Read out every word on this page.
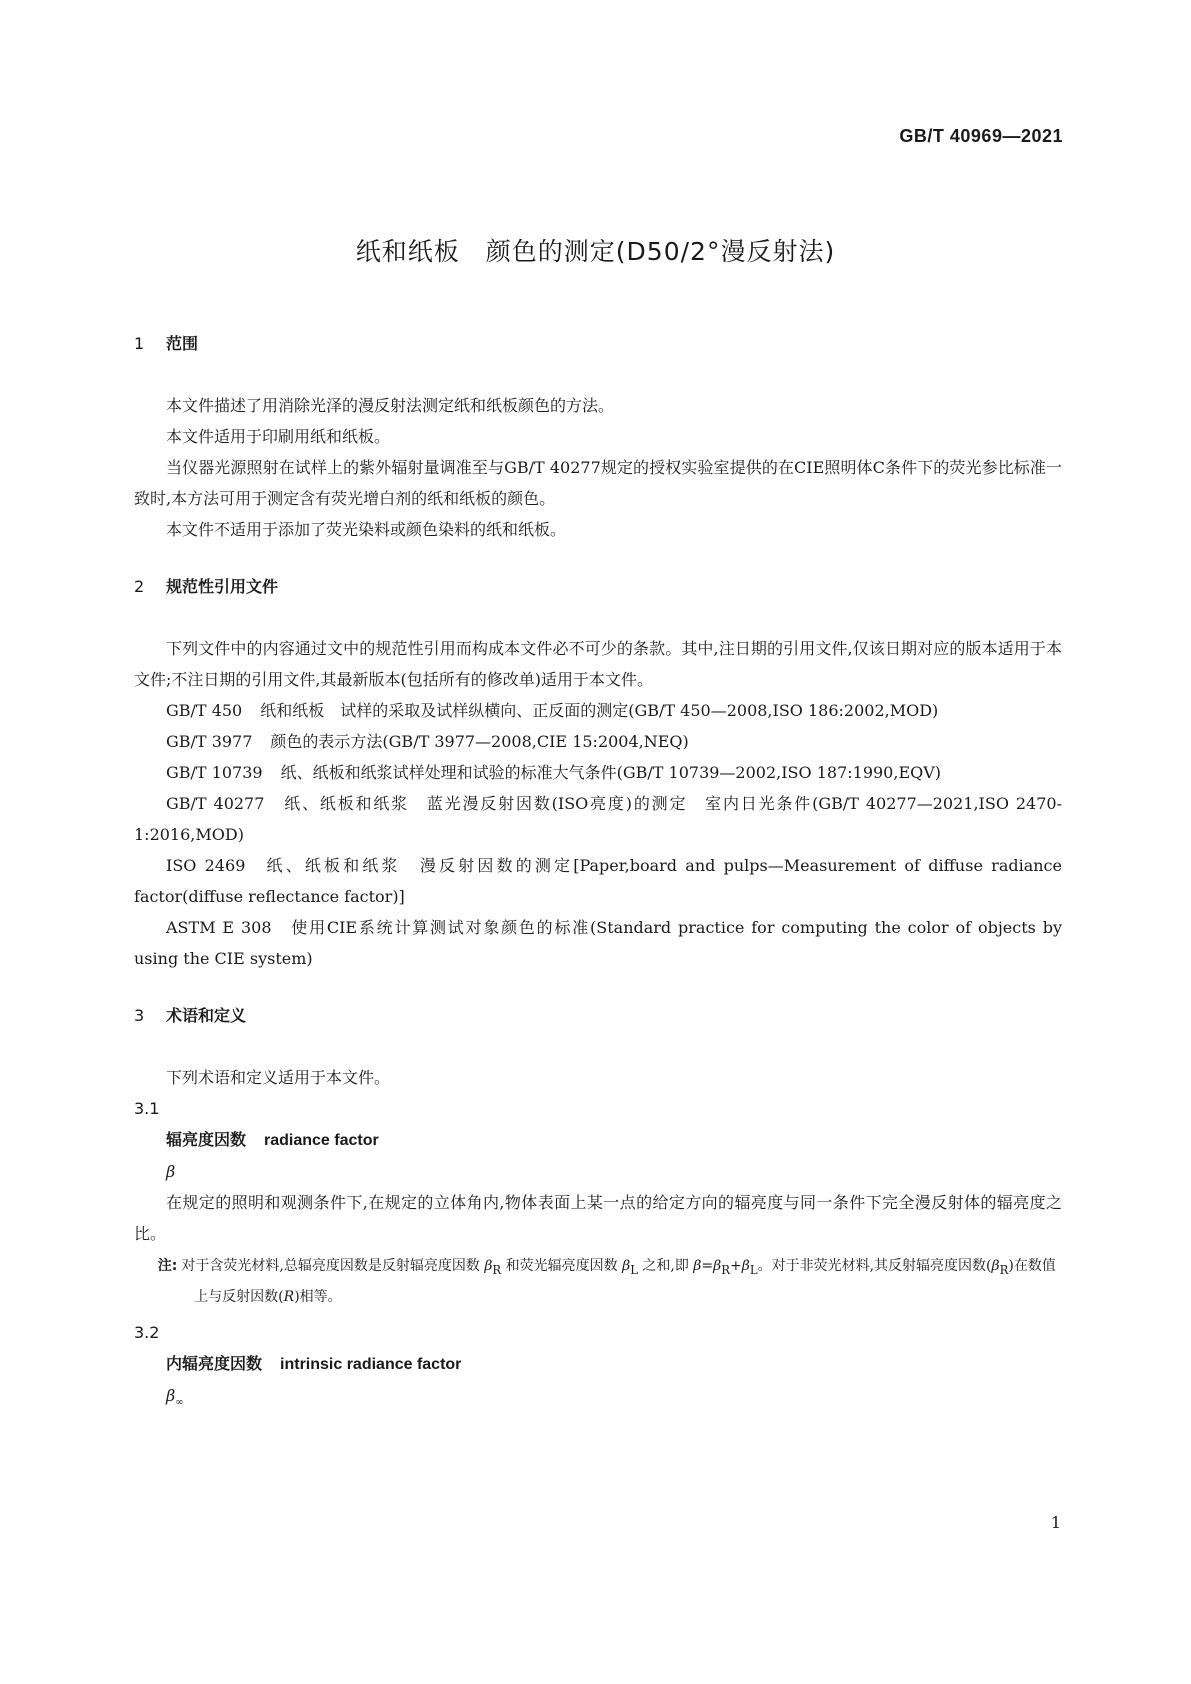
GB/T 40969—2021
纸和纸板　颜色的测定(D50/2°漫反射法)
1 范围

本文件描述了用消除光泽的漫反射法测定纸和纸板颜色的方法。

本文件适用于印刷用纸和纸板。

当仪器光源照射在试样上的紫外辐射量调准至与GB/T 40277规定的授权实验室提供的在CIE照明体C条件下的荧光参比标准一致时,本方法可用于测定含有荧光增白剂的纸和纸板的颜色。

本文件不适用于添加了荧光染料或颜色染料的纸和纸板。

2 规范性引用文件

下列文件中的内容通过文中的规范性引用而构成本文件必不可少的条款。其中,注日期的引用文件,仅该日期对应的版本适用于本文件;不注日期的引用文件,其最新版本(包括所有的修改单)适用于本文件。

GB/T 450 纸和纸板　试样的采取及试样纵横向、正反面的测定(GB/T 450—2008,ISO 186:2002,MOD)

GB/T 3977 颜色的表示方法(GB/T 3977—2008,CIE 15:2004,NEQ)

GB/T 10739 纸、纸板和纸浆试样处理和试验的标准大气条件(GB/T 10739—2002,ISO 187:1990,EQV)

GB/T 40277 纸、纸板和纸浆　蓝光漫反射因数(ISO亮度)的测定　室内日光条件(GB/T 40277—2021,ISO 2470-1:2016,MOD)

ISO 2469 纸、纸板和纸浆　漫反射因数的测定[Paper,board and pulps—Measurement of diffuse radiance factor(diffuse reflectance factor)]

ASTM E 308 使用CIE系统计算测试对象颜色的标准(Standard practice for computing the color of objects by using the CIE system)

3 术语和定义

下列术语和定义适用于本文件。

3.1
辐亮度因数 radiance factor
β

在规定的照明和观测条件下,在规定的立体角内,物体表面上某一点的给定方向的辐亮度与同一条件下完全漫反射体的辐亮度之比。

注: 对于含荧光材料,总辐亮度因数是反射辐亮度因数 $\beta_R$ 和荧光辐亮度因数 $\beta_L$ 之和,即 $\beta=\beta_R+\beta_L$。对于非荧光材料,其反射辐亮度因数$(\beta_R)$在数值上与反射因数(R)相等。

3.2
内辐亮度因数 intrinsic radiance factor
$\beta_\infty$
1
